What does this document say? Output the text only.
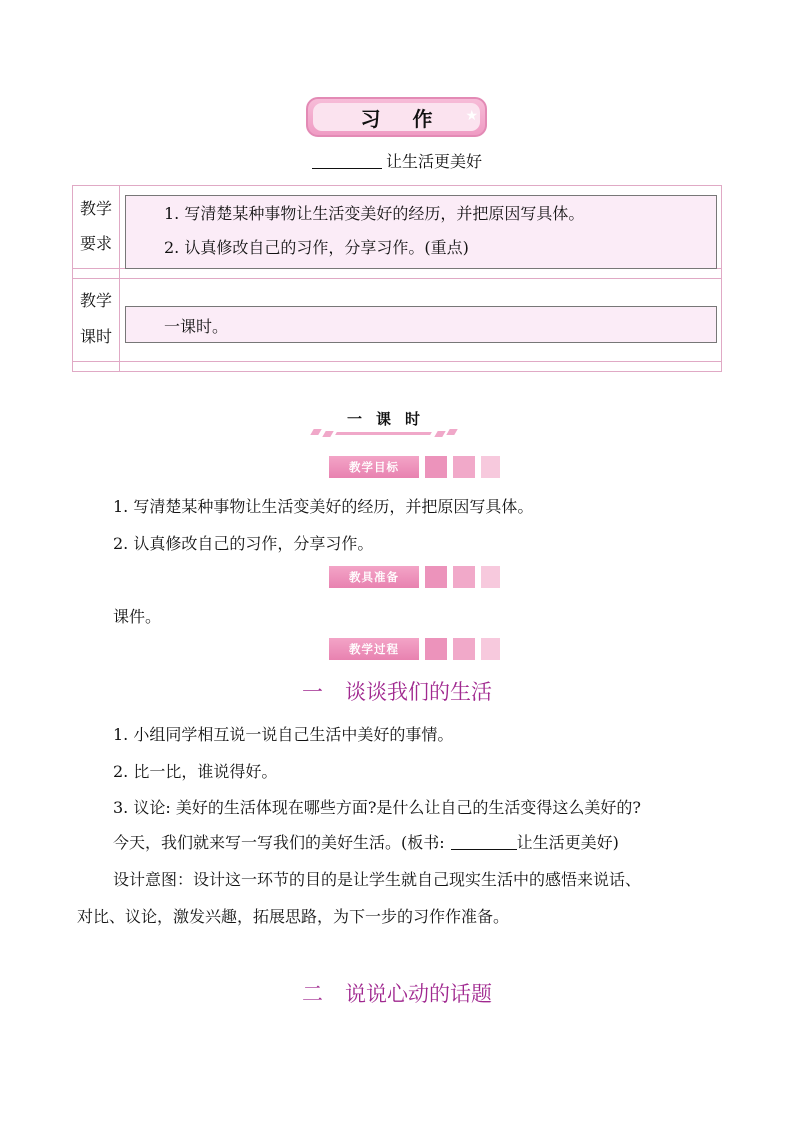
习作 ★
让生活更美好
教学
要求

1. 写清楚某种事物让生活变美好的经历，并把原因写具体。

2. 认真修改自己的习作，分享习作。(重点)

教学
课时

一课时。

一课时
教学目标
1. 写清楚某种事物让生活变美好的经历，并把原因写具体。
2. 认真修改自己的习作，分享习作。
教具准备
课件。
教学过程
一 谈谈我们的生活
1. 小组同学相互说一说自己生活中美好的事情。
2. 比一比，谁说得好。
3. 议论: 美好的生活体现在哪些方面?是什么让自己的生活变得这么美好的?
今天，我们就来写一写我们的美好生活。(板书:	让生活更美好)
设计意图：设计这一环节的目的是让学生就自己现实生活中的感悟来说话、
对比、议论，激发兴趣，拓展思路，为下一步的习作作准备。
二 说说心动的话题
